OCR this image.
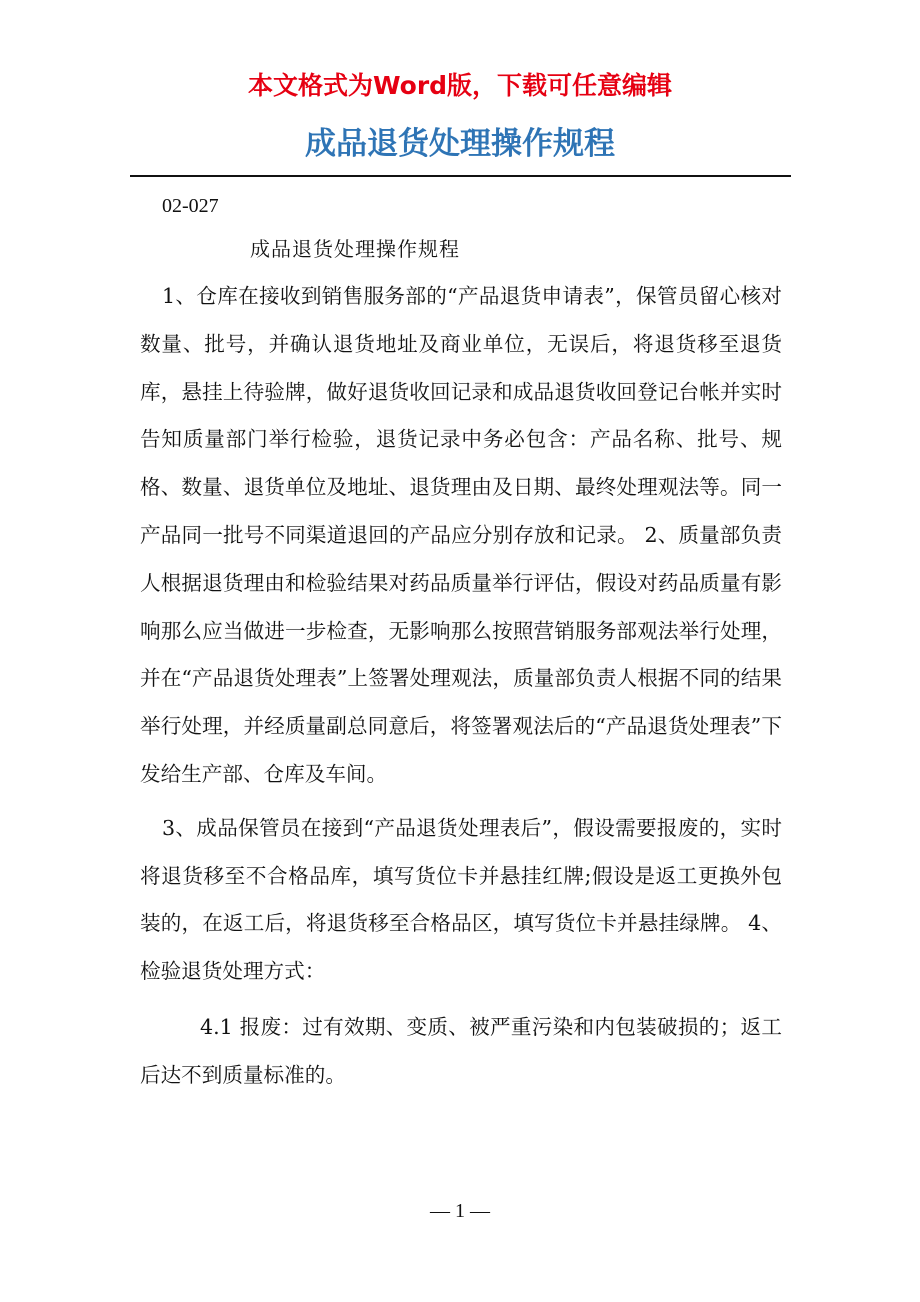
本文格式为Word版，下载可任意编辑
成品退货处理操作规程

02-027

成品退货处理操作规程

1、仓库在接收到销售服务部的“产品退货申请表”，保管员留心核对数量、批号，并确认退货地址及商业单位，无误后，将退货移至退货库，悬挂上待验牌，做好退货收回记录和成品退货收回登记台帐并实时告知质量部门举行检验，退货记录中务必包含：产品名称、批号、规格、数量、退货单位及地址、退货理由及日期、最终处理观法等。同一产品同一批号不同渠道退回的产品应分别存放和记录。 2、质量部负责人根据退货理由和检验结果对药品质量举行评估，假设对药品质量有影响那么应当做进一步检查，无影响那么按照营销服务部观法举行处理，并在“产品退货处理表”上签署处理观法，质量部负责人根据不同的结果举行处理，并经质量副总同意后，将签署观法后的“产品退货处理表”下发给生产部、仓库及车间。

3、成品保管员在接到“产品退货处理表后”，假设需要报废的，实时将退货移至不合格品库，填写货位卡并悬挂红牌;假设是返工更换外包装的，在返工后，将退货移至合格品区，填写货位卡并悬挂绿牌。 4、检验退货处理方式：

4.1 报废：过有效期、变质、被严重污染和内包装破损的；返工后达不到质量标准的。

— 1 —
